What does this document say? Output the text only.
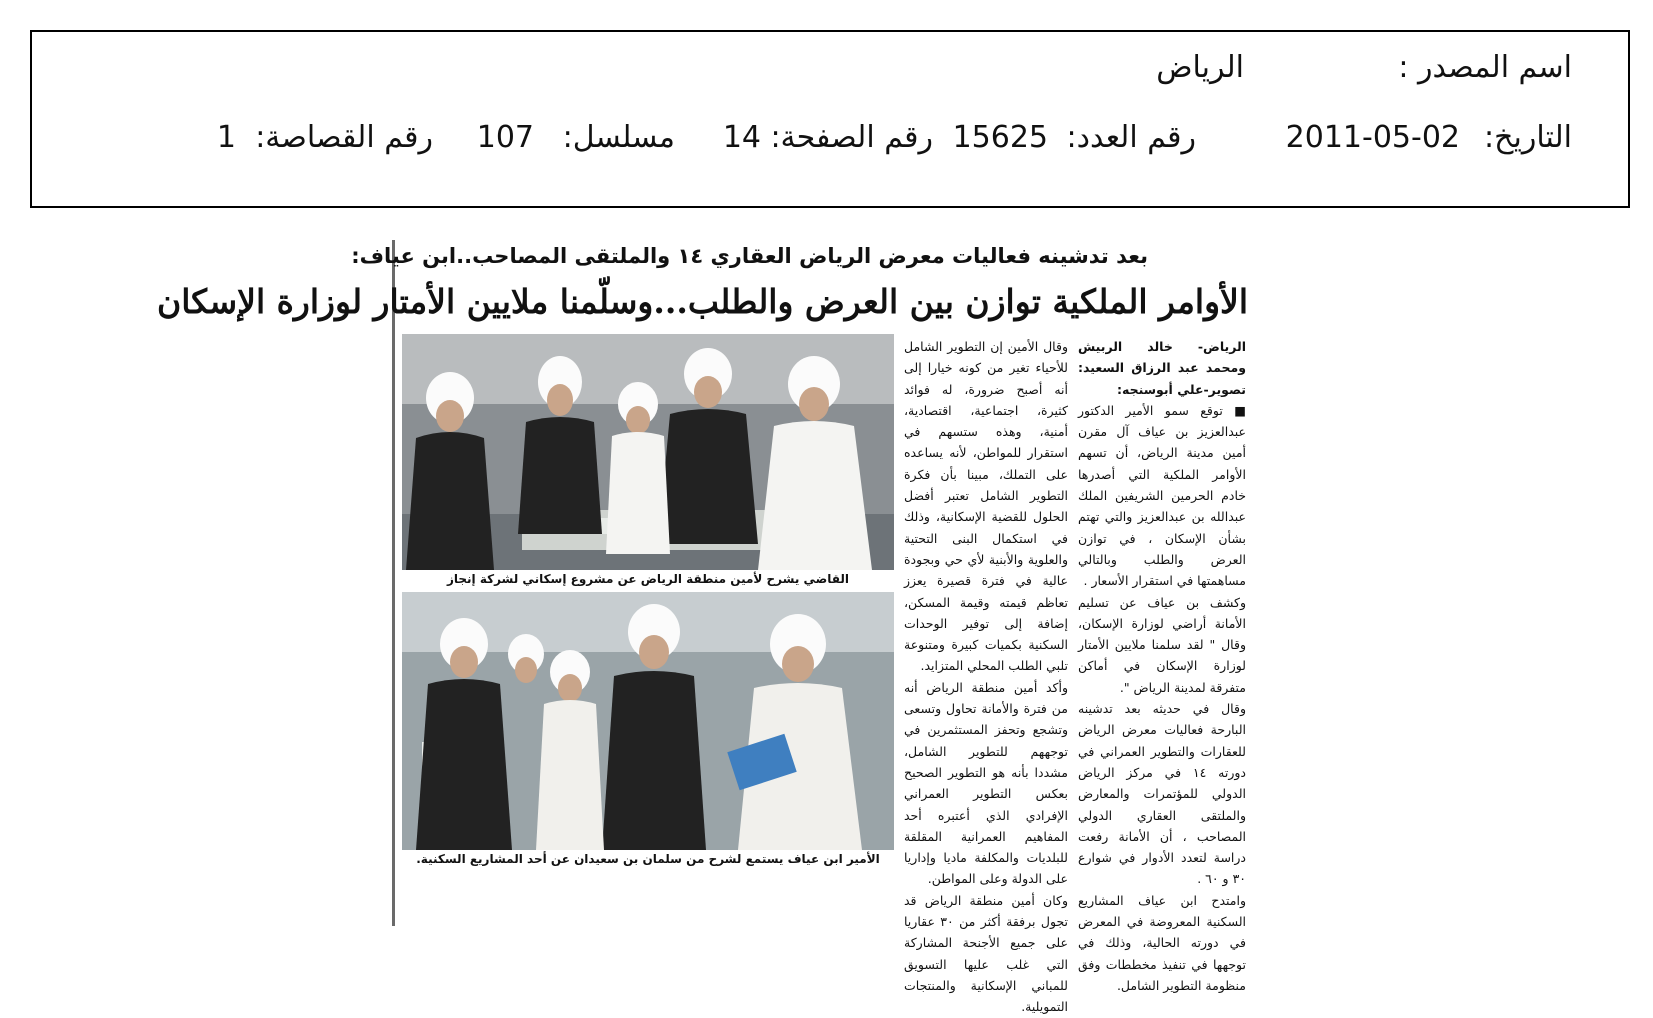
اسم المصدر :
الرياض
التاريخ:
2011-05-02
رقم العدد:
15625
رقم الصفحة:
14
مسلسل:
107
رقم القصاصة:
1
بعد تدشينه فعاليات معرض الرياض العقاري ١٤ والملتقى المصاحب..ابن عياف:
الأوامر الملكية توازن بين العرض والطلب...وسلّمنا ملايين الأمتار لوزارة الإسكان

الرياض- خالد الربيش ومحمد عبد الرزاق السعيد: تصوير-علي أبوسنجه:

■ توقع سمو الأمير الدكتور عبدالعزيز بن عياف آل مقرن أمين مدينة الرياض، أن تسهم الأوامر الملكية التي أصدرها خادم الحرمين الشريفين الملك عبدالله بن عبدالعزيز والتي تهتم بشأن الإسكان ، في توازن العرض والطلب وبالتالي مساهمتها في استقرار الأسعار .

وكشف بن عياف عن تسليم الأمانة أراضي لوزارة الإسكان، وقال " لقد سلمنا ملايين الأمتار لوزارة الإسكان في أماكن متفرقة لمدينة الرياض ".

وقال في حديثه بعد تدشينه البارحة فعاليات معرض الرياض للعقارات والتطوير العمراني في دورته ١٤ في مركز الرياض الدولي للمؤتمرات والمعارض والملتقى العقاري الدولي المصاحب ، أن الأمانة رفعت دراسة لتعدد الأدوار في شوارع ٣٠ و ٦٠ .

وامتدح ابن عياف المشاريع السكنية المعروضة في المعرض في دورته الحالية، وذلك في توجهها في تنفيذ مخططات وفق منظومة التطوير الشامل.

وقال الأمين إن التطوير الشامل للأحياء تغير من كونه خيارا إلى أنه أصبح ضرورة، له فوائد كثيرة، اجتماعية، اقتصادية، أمنية، وهذه ستسهم في استقرار للمواطن، لأنه يساعده على التملك، مبينا بأن فكرة التطوير الشامل تعتبر أفضل الحلول للقضية الإسكانية، وذلك في استكمال البنى التحتية والعلوية والأبنية لأي حي وبجودة عالية في فترة قصيرة يعزز تعاظم قيمته وقيمة المسكن، إضافة إلى توفير الوحدات السكنية بكميات كبيرة ومتنوعة تلبي الطلب المحلي المتزايد.

وأكد أمين منطقة الرياض أنه من فترة والأمانة تحاول وتسعى وتشجع وتحفز المستثمرين في توجههم للتطوير الشامل، مشددا بأنه هو التطوير الصحيح بعكس التطوير العمراني الإفرادي الذي أعتبره أحد المفاهيم العمرانية المقلقة للبلديات والمكلفة ماديا وإداريا على الدولة وعلى المواطن.

وكان أمين منطقة الرياض قد تجول برفقة أكثر من ٣٠ عقاريا على جميع الأجنحة المشاركة التي غلب عليها التسويق للمباني الإسكانية والمنتجات التمويلية.

القاضي يشرح لأمين منطقة الرياض عن مشروع إسكاني لشركة إنجاز
الأمير ابن عياف يستمع لشرح من سلمان بن سعيدان عن أحد المشاريع السكنية.
